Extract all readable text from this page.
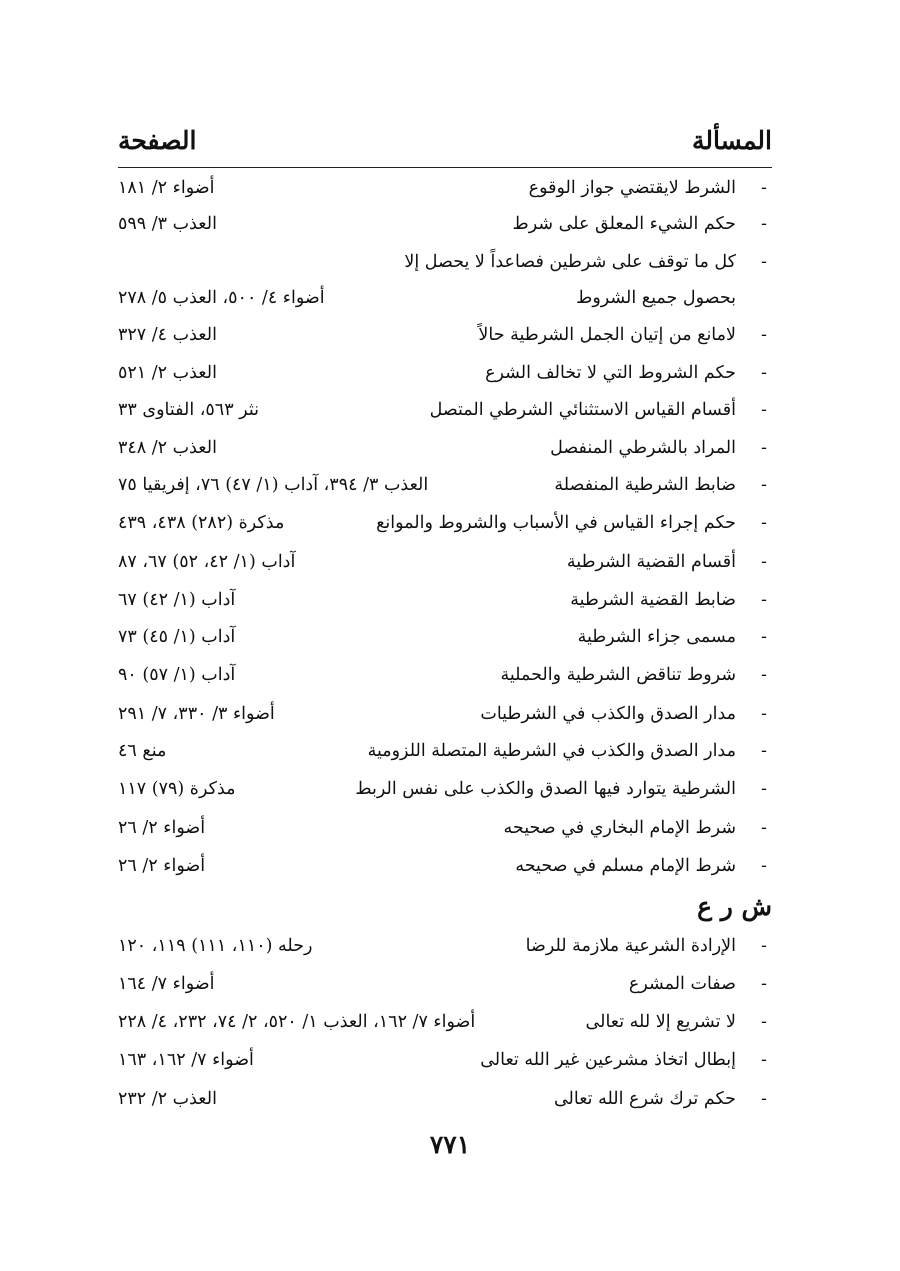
المسألة
الصفحة
-
الشرط لايقتضي جواز الوقوع
أضواء ٢/ ١٨١
-
حكم الشيء المعلق على شرط
العذب ٣/ ٥٩٩
-
كل ما توقف على شرطين فصاعداً لا يحصل إلا
بحصول جميع الشروط
أضواء ٤/ ٥٠٠، العذب ٥/ ٢٧٨
-
لامانع من إتيان الجمل الشرطية حالاً
العذب ٤/ ٣٢٧
-
حكم الشروط التي لا تخالف الشرع
العذب ٢/ ٥٢١
-
أقسام القياس الاستثنائي الشرطي المتصل
نثر ٥٦٣، الفتاوى ٣٣
-
المراد بالشرطي المنفصل
العذب ٢/ ٣٤٨
-
ضابط الشرطية المنفصلة
العذب ٣/ ٣٩٤، آداب (١/ ٤٧) ٧٦، إفريقيا ٧٥
-
حكم إجراء القياس في الأسباب والشروط والموانع
مذكرة (٢٨٢) ٤٣٨، ٤٣٩
-
أقسام القضية الشرطية
آداب (١/ ٤٢، ٥٢) ٦٧، ٨٧
-
ضابط القضية الشرطية
آداب (١/ ٤٢) ٦٧
-
مسمى جزاء الشرطية
آداب (١/ ٤٥) ٧٣
-
شروط تناقض الشرطية والحملية
آداب (١/ ٥٧) ٩٠
-
مدار الصدق والكذب في الشرطيات
أضواء ٣/ ٣٣٠، ٧/ ٢٩١
-
مدار الصدق والكذب في الشرطية المتصلة اللزومية
منع ٤٦
-
الشرطية يتوارد فيها الصدق والكذب على نفس الربط
مذكرة (٧٩) ١١٧
-
شرط الإمام البخاري في صحيحه
أضواء ٢/ ٢٦
-
شرط الإمام مسلم في صحيحه
أضواء ٢/ ٢٦
ش ر ع
-
الإرادة الشرعية ملازمة للرضا
رحله (١١٠، ١١١) ١١٩، ١٢٠
-
صفات المشرع
أضواء ٧/ ١٦٤
-
لا تشريع إلا لله تعالى
أضواء ٧/ ١٦٢، العذب ١/ ٥٢٠، ٢/ ٧٤، ٢٣٢، ٤/ ٢٢٨
-
إبطال اتخاذ مشرعين غير الله تعالى
أضواء ٧/ ١٦٢، ١٦٣
-
حكم ترك شرع الله تعالى
العذب ٢/ ٢٣٢
٧٧١
